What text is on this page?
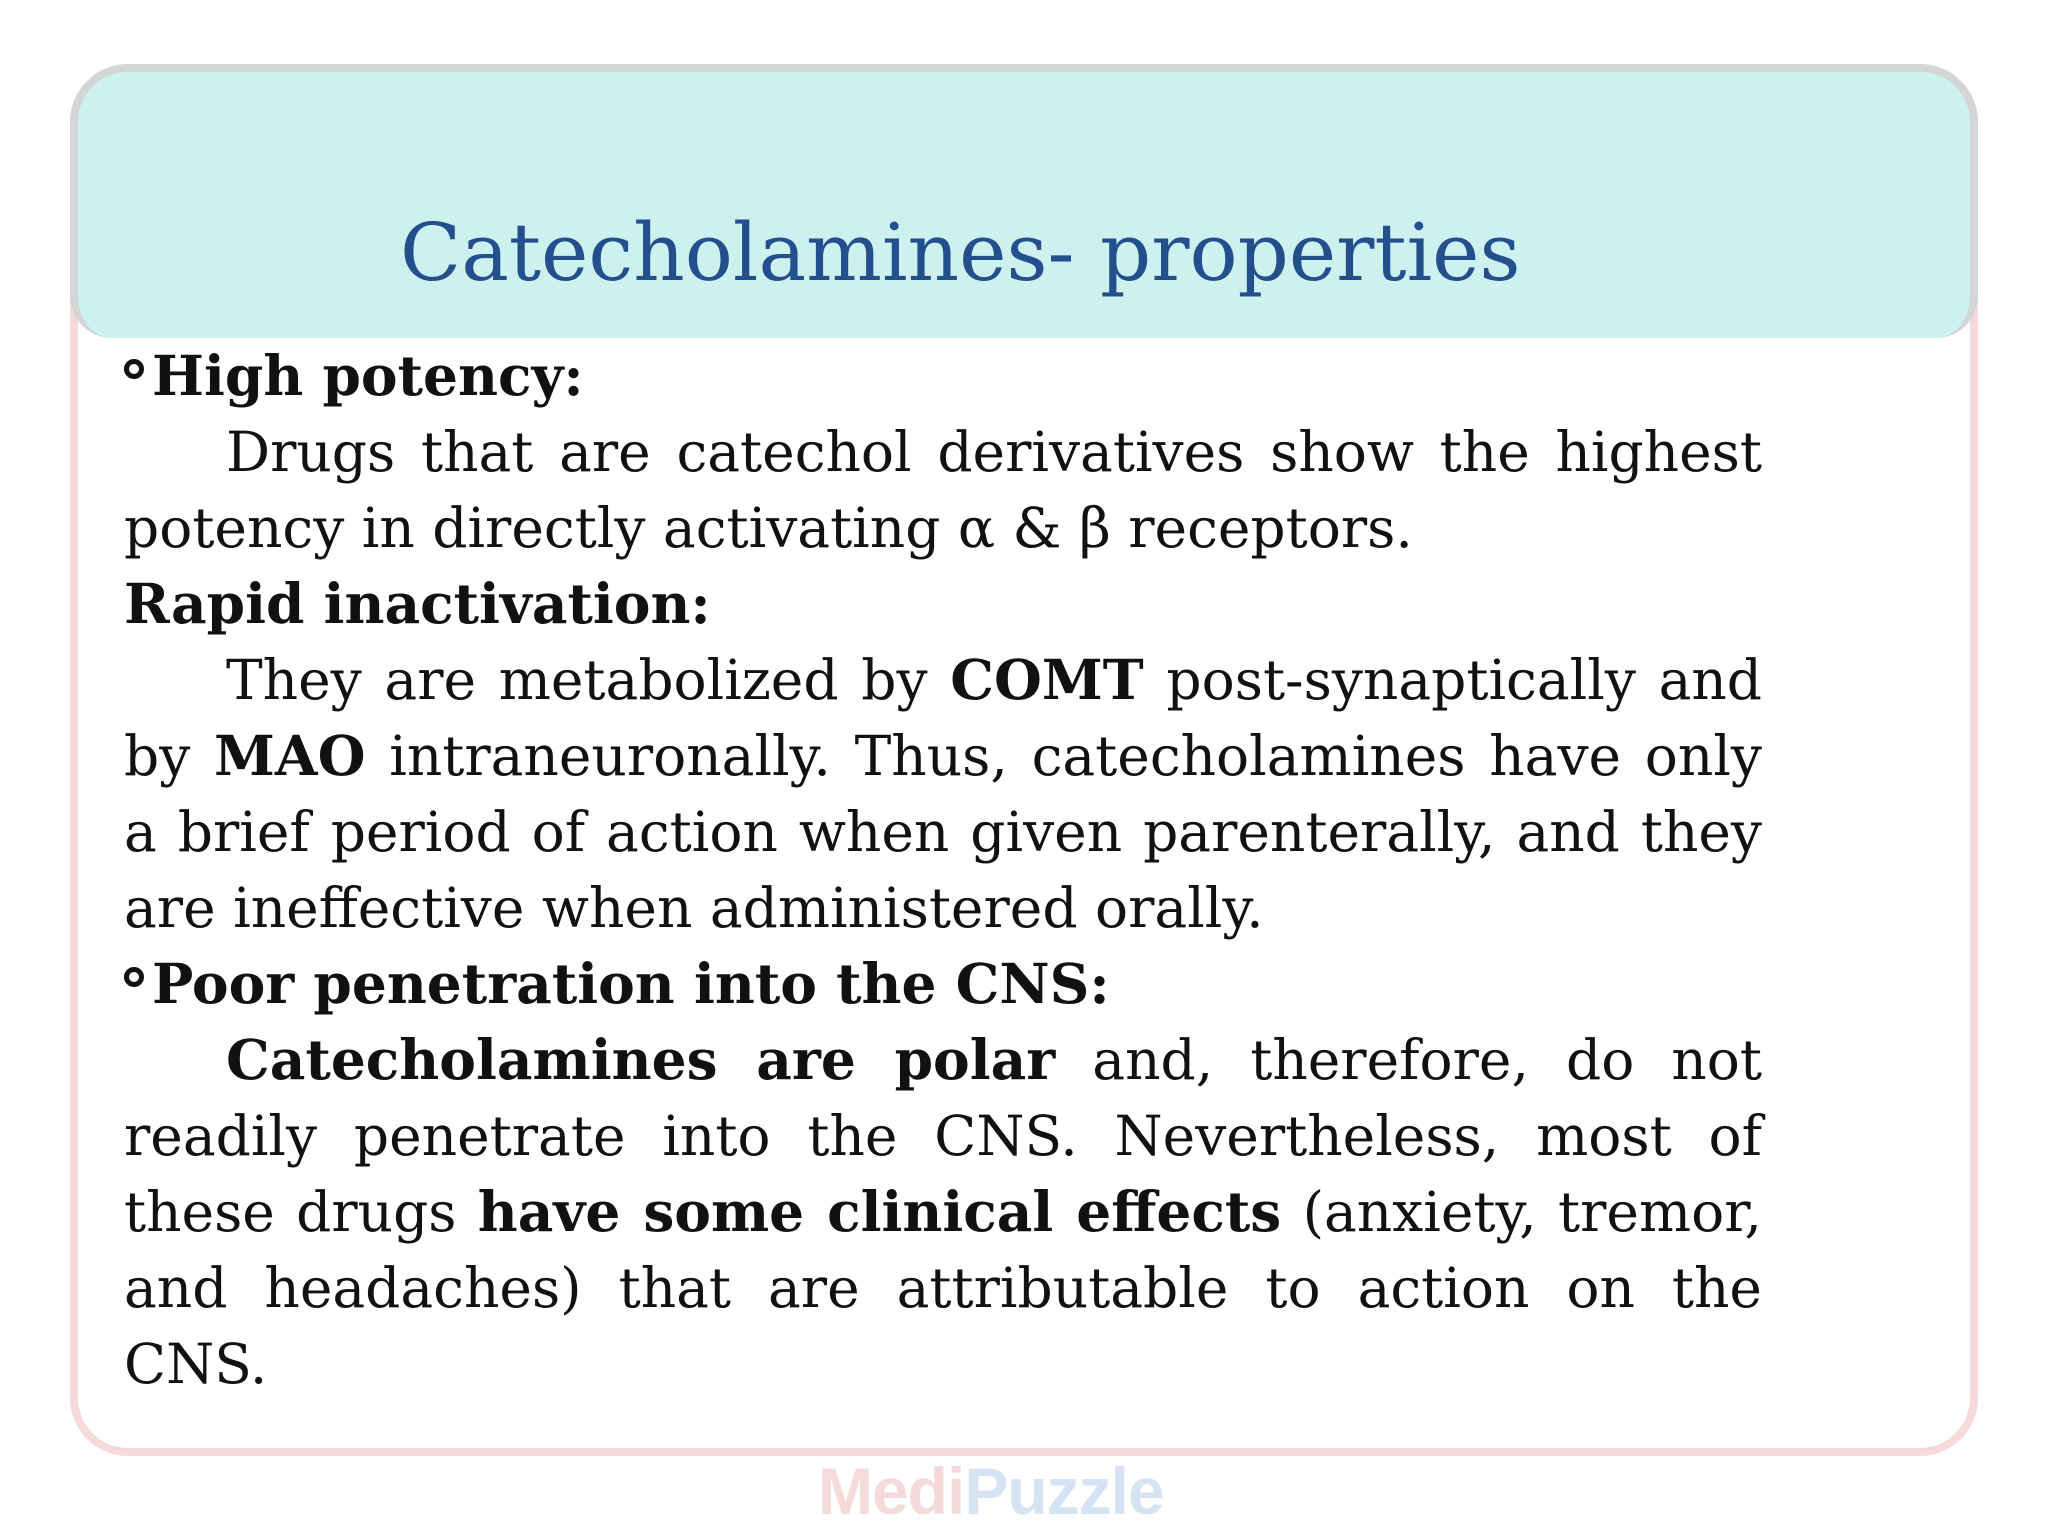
Catecholamines- properties

High potency:

Drugs that are catechol derivatives show the highest potency in directly activating α & β receptors.

Rapid inactivation:

They are metabolized by COMT post-synaptically and by MAO intraneuronally. Thus, catecholamines have only a brief period of action when given parenterally, and they are ineffective when administered orally.

Poor penetration into the CNS:

Catecholamines are polar and, therefore, do not readily penetrate into the CNS. Nevertheless, most of these drugs have some clinical effects (anxiety, tremor, and headaches) that are attributable to action on the CNS.

MediPuzzle
